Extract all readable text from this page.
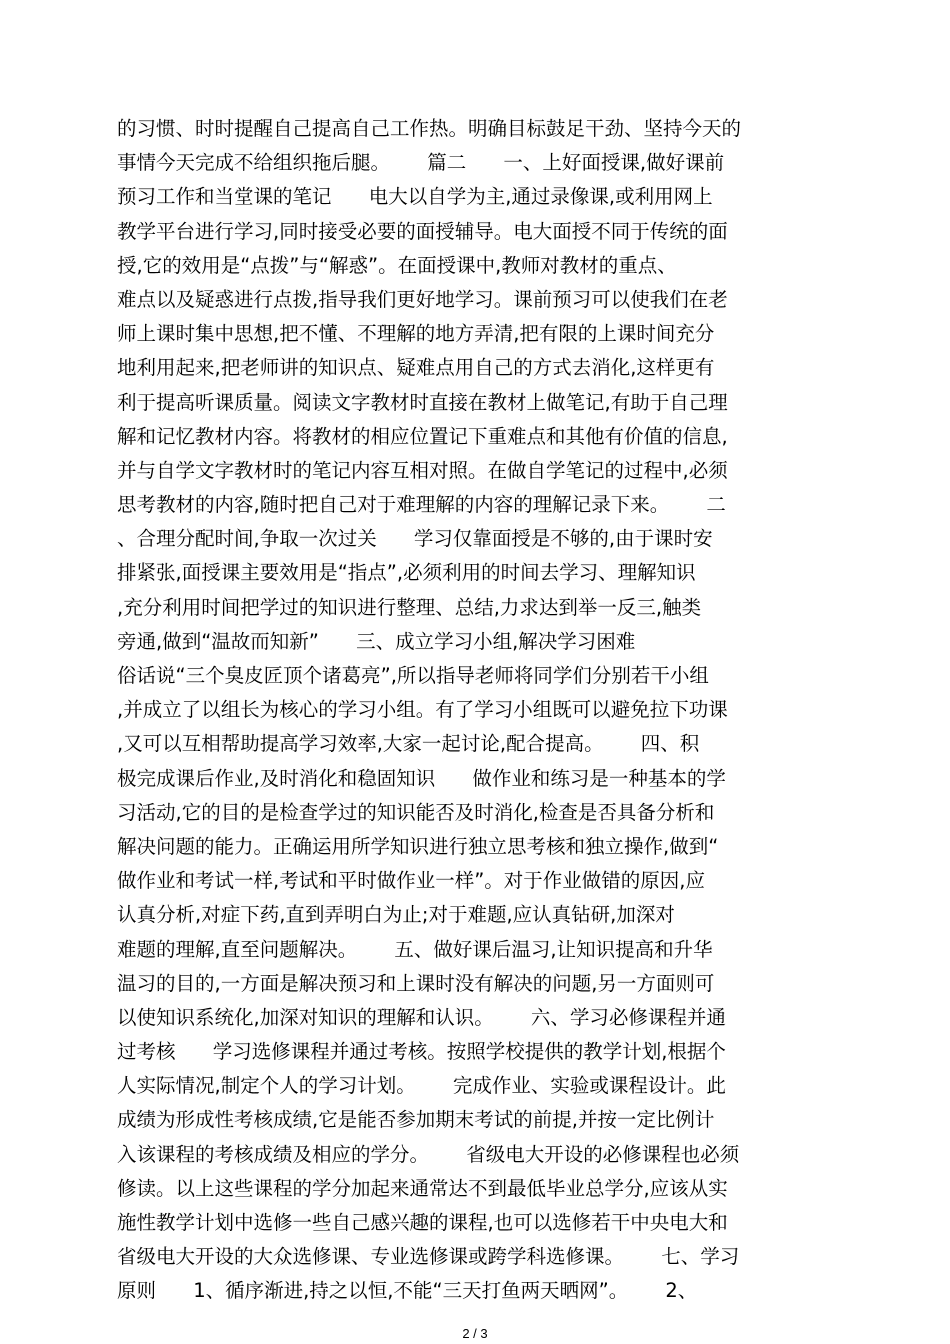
的习惯、时时提醒自己提高自己工作热。明确目标鼓足干劲、坚持今天的
事情今天完成不给组织拖后腿。      篇二      一、上好面授课,做好课前
预习工作和当堂课的笔记      电大以自学为主,通过录像课,或利用网上
教学平台进行学习,同时接受必要的面授辅导。电大面授不同于传统的面
授,它的效用是“点拨”与“解惑”。在面授课中,教师对教材的重点、
难点以及疑惑进行点拨,指导我们更好地学习。课前预习可以使我们在老
师上课时集中思想,把不懂、不理解的地方弄清,把有限的上课时间充分
地利用起来,把老师讲的知识点、疑难点用自己的方式去消化,这样更有
利于提高听课质量。阅读文字教材时直接在教材上做笔记,有助于自己理
解和记忆教材内容。将教材的相应位置记下重难点和其他有价值的信息,
并与自学文字教材时的笔记内容互相对照。在做自学笔记的过程中,必须
思考教材的内容,随时把自己对于难理解的内容的理解记录下来。      二
、合理分配时间,争取一次过关      学习仅靠面授是不够的,由于课时安
排紧张,面授课主要效用是“指点”,必须利用的时间去学习、理解知识
,充分利用时间把学过的知识进行整理、总结,力求达到举一反三,触类
旁通,做到“温故而知新”      三、成立学习小组,解决学习困难
俗话说“三个臭皮匠顶个诸葛亮”,所以指导老师将同学们分别若干小组
,并成立了以组长为核心的学习小组。有了学习小组既可以避免拉下功课
,又可以互相帮助提高学习效率,大家一起讨论,配合提高。      四、积
极完成课后作业,及时消化和稳固知识      做作业和练习是一种基本的学
习活动,它的目的是检查学过的知识能否及时消化,检查是否具备分析和
解决问题的能力。正确运用所学知识进行独立思考核和独立操作,做到“
做作业和考试一样,考试和平时做作业一样”。对于作业做错的原因,应
认真分析,对症下药,直到弄明白为止;对于难题,应认真钻研,加深对
难题的理解,直至问题解决。      五、做好课后温习,让知识提高和升华
温习的目的,一方面是解决预习和上课时没有解决的问题,另一方面则可
以使知识系统化,加深对知识的理解和认识。      六、学习必修课程并通
过考核      学习选修课程并通过考核。按照学校提供的教学计划,根据个
人实际情况,制定个人的学习计划。      完成作业、实验或课程设计。此
成绩为形成性考核成绩,它是能否参加期末考试的前提,并按一定比例计
入该课程的考核成绩及相应的学分。      省级电大开设的必修课程也必须
修读。以上这些课程的学分加起来通常达不到最低毕业总学分,应该从实
施性教学计划中选修一些自己感兴趣的课程,也可以选修若干中央电大和
省级电大开设的大众选修课、专业选修课或跨学科选修课。      七、学习
原则      1、循序渐进,持之以恒,不能“三天打鱼两天晒网”。      2、
2 / 3
